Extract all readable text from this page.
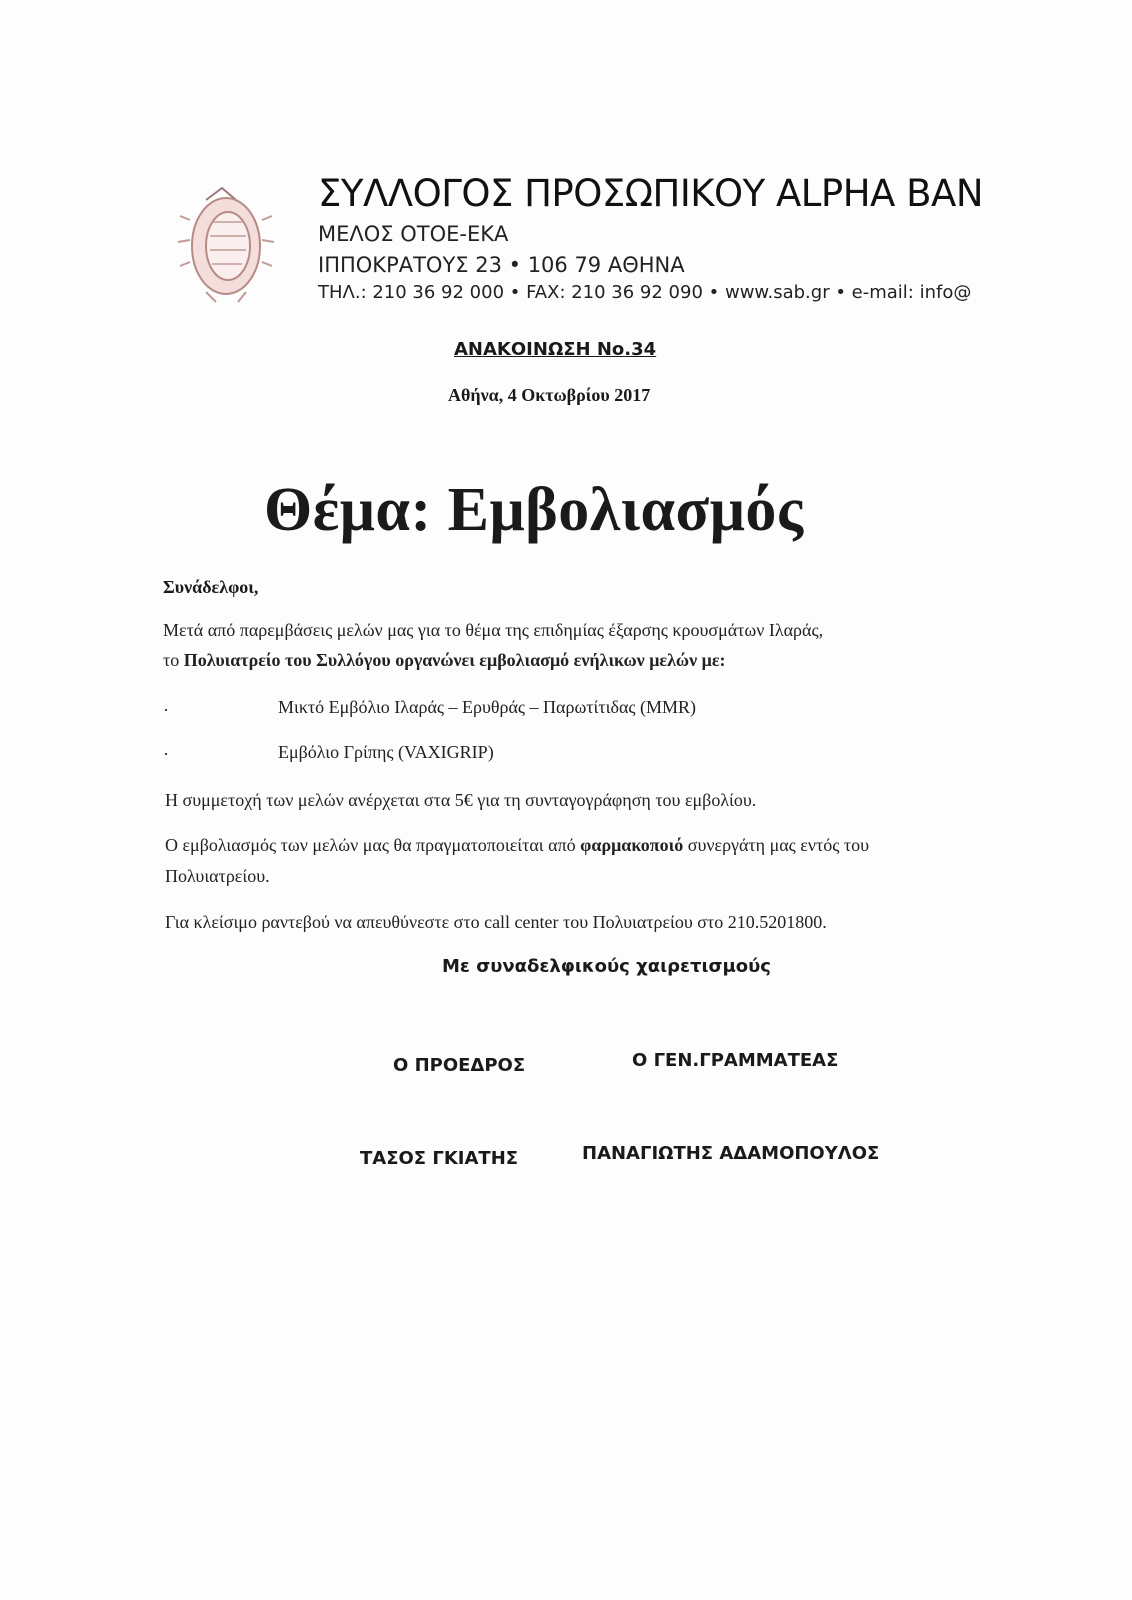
ΣΥΛΛΟΓΟΣ ΠΡΟΣΩΠΙΚΟΥ ALPHA BAN
ΜΕΛΟΣ ΟΤΟΕ-ΕΚΑ
ΙΠΠΟΚΡΑΤΟΥΣ 23 • 106 79 ΑΘΗΝΑ
ΤΗΛ.: 210 36 92 000 • FAX: 210 36 92 090 • www.sab.gr • e-mail: info@
ΑΝΑΚΟΙΝΩΣΗ Νο.34
Αθήνα, 4 Οκτωβρίου 2017
Θέμα: Εμβολιασμός
Συνάδελφοι,
Μετά από παρεμβάσεις μελών μας για το θέμα της επιδημίας έξαρσης κρουσμάτων Ιλαράς,
το Πολυιατρείο του Συλλόγου οργανώνει εμβολιασμό ενήλικων μελών με:
·	Μικτό Εμβόλιο Ιλαράς – Ερυθράς – Παρωτίτιδας (MMR)
·	Εμβόλιο Γρίπης (VAXIGRIP)
Η συμμετοχή των μελών ανέρχεται στα 5€ για τη συνταγογράφηση του εμβολίου.
Ο εμβολιασμός των μελών μας θα πραγματοποιείται από φαρμακοποιό συνεργάτη μας εντός του
Πολυιατρείου.
Για κλείσιμο ραντεβού να απευθύνεστε στο call center του Πολυιατρείου στο 210.5201800.
Με συναδελφικούς χαιρετισμούς
Ο ΠΡΟΕΔΡΟΣ	Ο ΓΕΝ.ΓΡΑΜΜΑΤΕΑΣ
ΤΑΣΟΣ ΓΚΙΑΤΗΣ	ΠΑΝΑΓΙΩΤΗΣ ΑΔΑΜΟΠΟΥΛΟΣ
